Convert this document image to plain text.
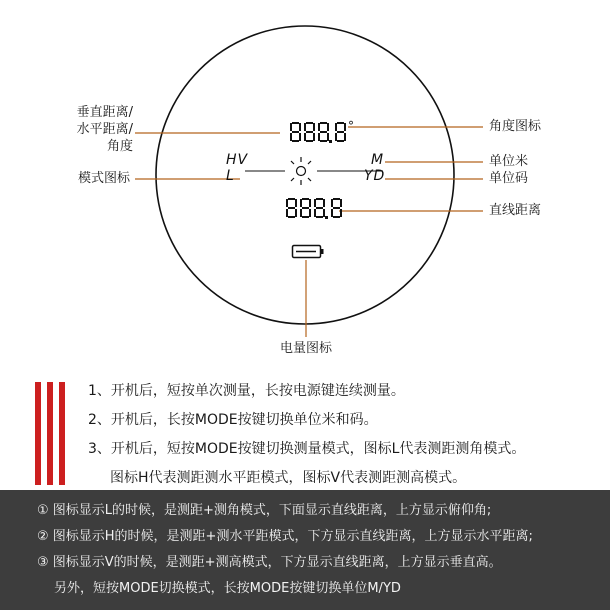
垂直距离/
水平距离/
角度
模式图标
角度图标
单位米
单位码
直线距离
电量图标
HV
L
M
YD
°
1、开机后，短按单次测量，长按电源键连续测量。
2、开机后，长按MODE按键切换单位米和码。
3、开机后，短按MODE按键切换测量模式，图标L代表测距测角模式。
图标H代表测距测水平距模式，图标V代表测距测高模式。
① 图标显示L的时候，是测距+测角模式，下面显示直线距离，上方显示俯仰角;
② 图标显示H的时候，是测距+测水平距模式，下方显示直线距离，上方显示水平距离;
③ 图标显示V的时候，是测距+测高模式，下方显示直线距离，上方显示垂直高。
另外，短按MODE切换模式，长按MODE按键切换单位M/YD
